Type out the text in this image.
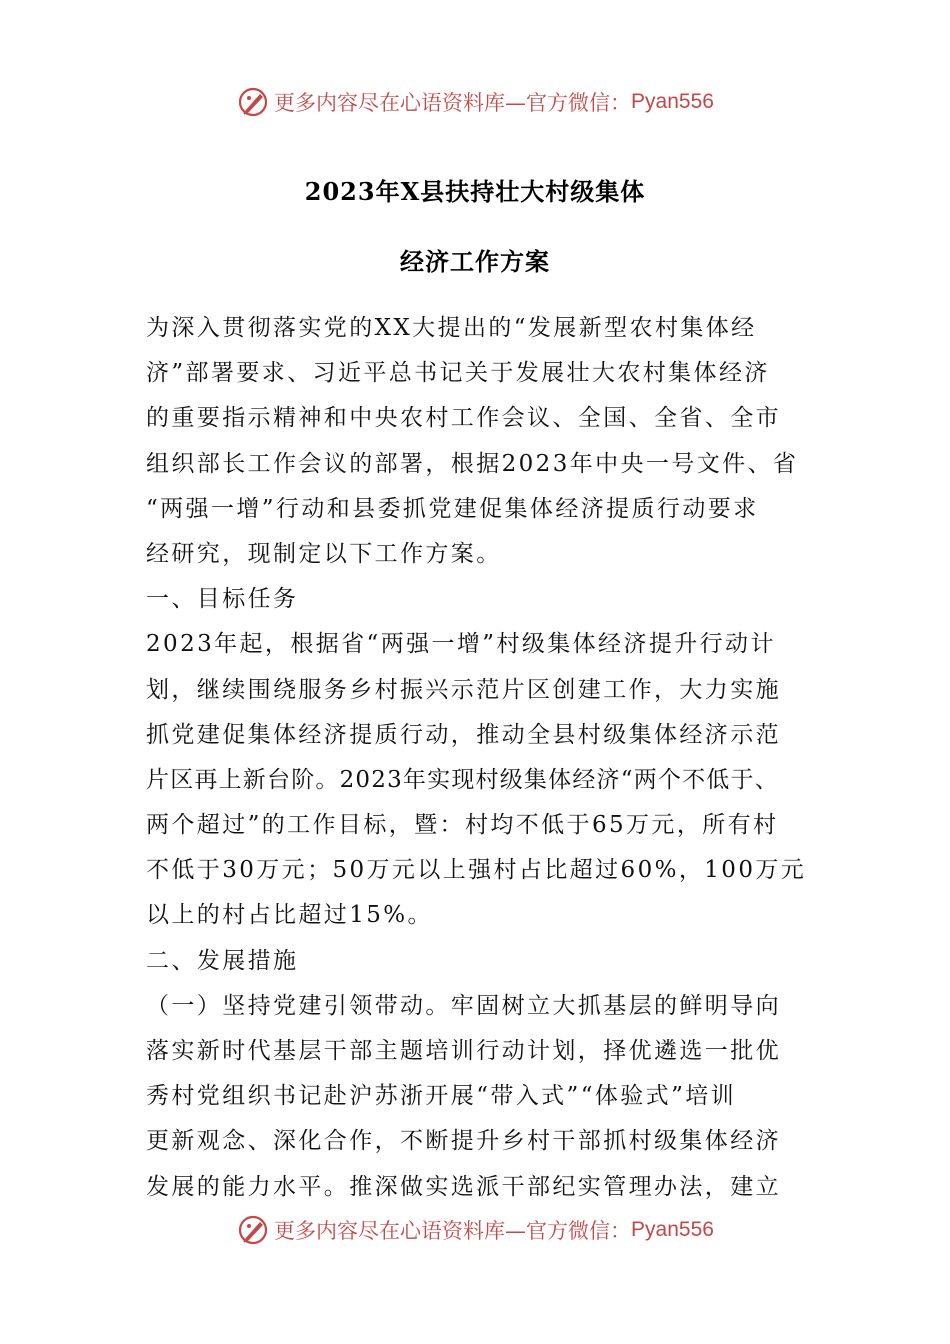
更多内容尽在心语资料库—官方微信： Pyan556
2023年X县扶持壮大村级集体
经济工作方案
为深入贯彻落实党的XX大提出的“发展新型农村集体经
济”部署要求、习近平总书记关于发展壮大农村集体经济
的重要指示精神和中央农村工作会议、全国、全省、全市
组织部长工作会议的部署，根据2023年中央一号文件、省
“两强一增”行动和县委抓党建促集体经济提质行动要求
经研究，现制定以下工作方案。
一、目标任务
2023年起，根据省“两强一增”村级集体经济提升行动计
划，继续围绕服务乡村振兴示范片区创建工作，大力实施
抓党建促集体经济提质行动，推动全县村级集体经济示范
片区再上新台阶。2023年实现村级集体经济“两个不低于、
两个超过”的工作目标，暨：村均不低于65万元，所有村
不低于30万元；50万元以上强村占比超过60%，100万元
以上的村占比超过15%。
二、发展措施
（一）坚持党建引领带动。牢固树立大抓基层的鲜明导向
落实新时代基层干部主题培训行动计划，择优遴选一批优
秀村党组织书记赴沪苏浙开展“带入式”“体验式”培训
更新观念、深化合作，不断提升乡村干部抓村级集体经济
发展的能力水平。推深做实选派干部纪实管理办法，建立
更多内容尽在心语资料库—官方微信： Pyan556
